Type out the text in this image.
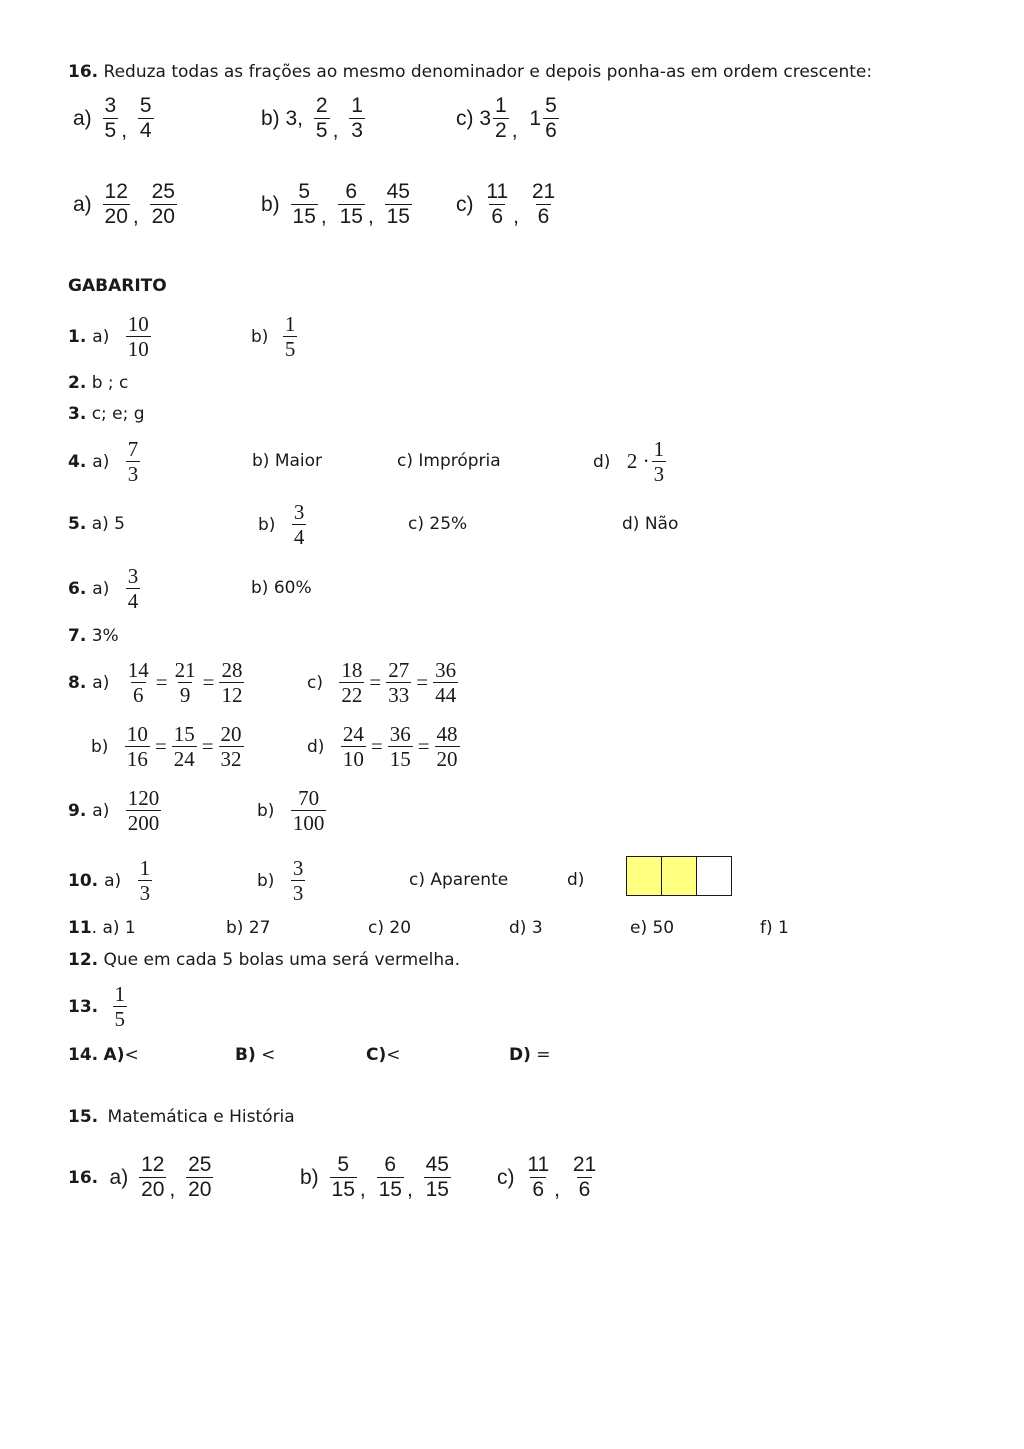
16. Reduza todas as frações ao mesmo denominador e depois ponha-as em ordem crescente:
$a) \frac{3}{5}$ , $\frac{5}{4}$	b) 3, $\frac{2}{5}$ , $\frac{1}{3}$	c) $3 \frac{1}{2}$ , $1 \frac{5}{6}$
$a) \frac{12}{20}$ , $\frac{25}{20}$	$b) \frac{5}{15}$ , $\frac{6}{15}$ , $\frac{45}{15} c) \frac{11}{6}$ , $\frac{21}{6}$
GABARITO
1. $a) \frac{10}{10}$	$b) \frac{1}{5}$
2. b ; c
3. c; e; g
4. $a) \frac{7}{3}$	b) Maior	c) Imprópria	d) $2 \cdot \frac{1}{3}$
5. a) 5	$b) \frac{3}{4}$	c) 25%	d) Não
6. $a) \frac{3}{4}$	b) 60%
7. 3%
8. $a) \frac{14}{6} = \frac{21}{9} = \frac{28}{12}$	$c) \frac{18}{22} = \frac{27}{33} = \frac{36}{44}$
$b) \frac{10}{16} = \frac{15}{24} = \frac{20}{32}$	$d) \frac{24}{10} = \frac{36}{15} = \frac{48}{20}$
9. $a) \frac{120}{200}$	$b) \frac{70}{100}$
10. $a) \frac{1}{3}$	$b) \frac{3}{3}$	c) Aparente	d)
11. a) 1	b) 27	c) 20	d) 3	e) 50	f) 1
12. Que em cada 5 bolas uma será vermelha.
13. $\frac{1}{5}$
14. A)<	B) <	C)<	D) =
15. Matemática e História
16. $a) \frac{12}{20}$ , $\frac{25}{20}$	$b) \frac{5}{15}$ , $\frac{6}{15}$ , $\frac{45}{15} c) \frac{11}{6}$ , $\frac{21}{6}$
